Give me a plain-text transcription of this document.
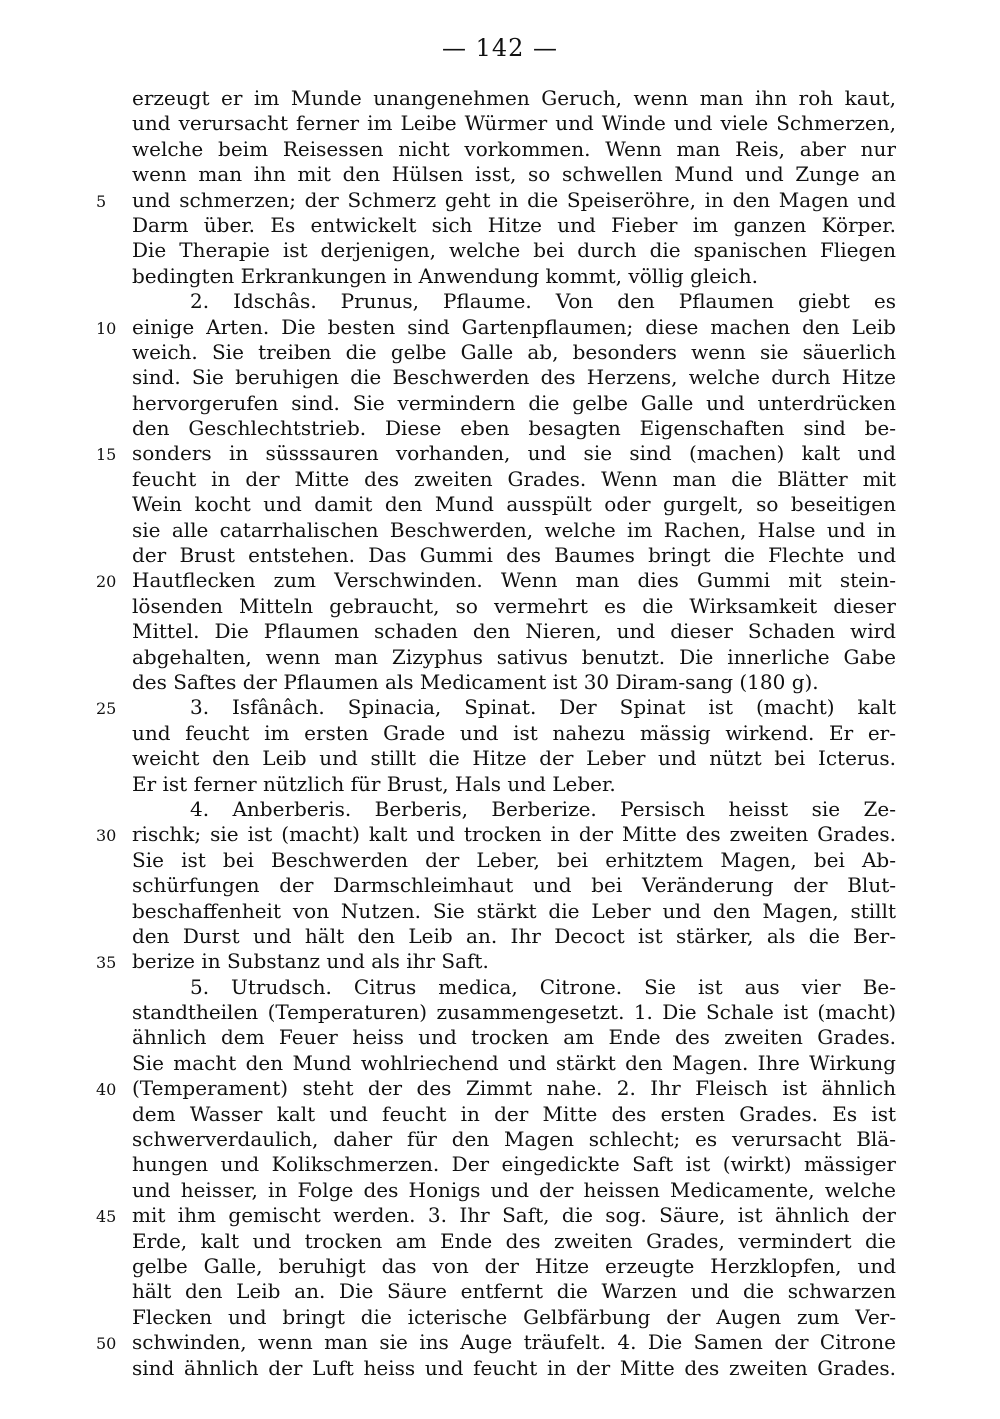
— 142 —
erzeugt er im Munde unangenehmen Geruch, wenn man ihn roh kaut,
und verursacht ferner im Leibe Würmer und Winde und viele Schmerzen,
welche beim Reisessen nicht vorkommen. Wenn man Reis, aber nur
wenn man ihn mit den Hülsen isst, so schwellen Mund und Zunge an
5	und schmerzen; der Schmerz geht in die Speiseröhre, in den Magen und
Darm über. Es entwickelt sich Hitze und Fieber im ganzen Körper.
Die Therapie ist derjenigen, welche bei durch die spanischen Fliegen
bedingten Erkrankungen in Anwendung kommt, völlig gleich.
2. Idschâs. Prunus, Pflaume. Von den Pflaumen giebt es
10 einige Arten. Die besten sind Gartenpflaumen; diese machen den Leib
weich. Sie treiben die gelbe Galle ab, besonders wenn sie säuerlich
sind. Sie beruhigen die Beschwerden des Herzens, welche durch Hitze
hervorgerufen sind. Sie vermindern die gelbe Galle und unterdrücken
den Geschlechtstrieb. Diese eben besagten Eigenschaften sind be-
15 sonders in süsssauren vorhanden, und sie sind (machen) kalt und
feucht in der Mitte des zweiten Grades. Wenn man die Blätter mit
Wein kocht und damit den Mund ausspült oder gurgelt, so beseitigen
sie alle catarrhalischen Beschwerden, welche im Rachen, Halse und in
der Brust entstehen. Das Gummi des Baumes bringt die Flechte und
20 Hautflecken zum Verschwinden. Wenn man dies Gummi mit stein-
lösenden Mitteln gebraucht, so vermehrt es die Wirksamkeit dieser
Mittel. Die Pflaumen schaden den Nieren, und dieser Schaden wird
abgehalten, wenn man Zizyphus sativus benutzt. Die innerliche Gabe
des Saftes der Pflaumen als Medicament ist 30 Diram-sang (180 g).
25	3. Isfânâch. Spinacia, Spinat. Der Spinat ist (macht) kalt
und feucht im ersten Grade und ist nahezu mässig wirkend. Er er-
weicht den Leib und stillt die Hitze der Leber und nützt bei Icterus.
Er ist ferner nützlich für Brust, Hals und Leber.
4. Anberberis. Berberis, Berberize. Persisch heisst sie Ze-
30 rischk; sie ist (macht) kalt und trocken in der Mitte des zweiten Grades.
Sie ist bei Beschwerden der Leber, bei erhitztem Magen, bei Ab-
schürfungen der Darmschleimhaut und bei Veränderung der Blut-
beschaffenheit von Nutzen. Sie stärkt die Leber und den Magen, stillt
den Durst und hält den Leib an. Ihr Decoct ist stärker, als die Ber-
35 berize in Substanz und als ihr Saft.
5. Utrudsch. Citrus medica, Citrone. Sie ist aus vier Be-
standtheilen (Temperaturen) zusammengesetzt. 1. Die Schale ist (macht)
ähnlich dem Feuer heiss und trocken am Ende des zweiten Grades.
Sie macht den Mund wohlriechend und stärkt den Magen. Ihre Wirkung
40 (Temperament) steht der des Zimmt nahe. 2. Ihr Fleisch ist ähnlich
dem Wasser kalt und feucht in der Mitte des ersten Grades. Es ist
schwerverdaulich, daher für den Magen schlecht; es verursacht Blä-
hungen und Kolikschmerzen. Der eingedickte Saft ist (wirkt) mässiger
und heisser, in Folge des Honigs und der heissen Medicamente, welche
45 mit ihm gemischt werden. 3. Ihr Saft, die sog. Säure, ist ähnlich der
Erde, kalt und trocken am Ende des zweiten Grades, vermindert die
gelbe Galle, beruhigt das von der Hitze erzeugte Herzklopfen, und
hält den Leib an. Die Säure entfernt die Warzen und die schwarzen
Flecken und bringt die icterische Gelbfärbung der Augen zum Ver-
50 schwinden, wenn man sie ins Auge träufelt. 4. Die Samen der Citrone
sind ähnlich der Luft heiss und feucht in der Mitte des zweiten Grades.
